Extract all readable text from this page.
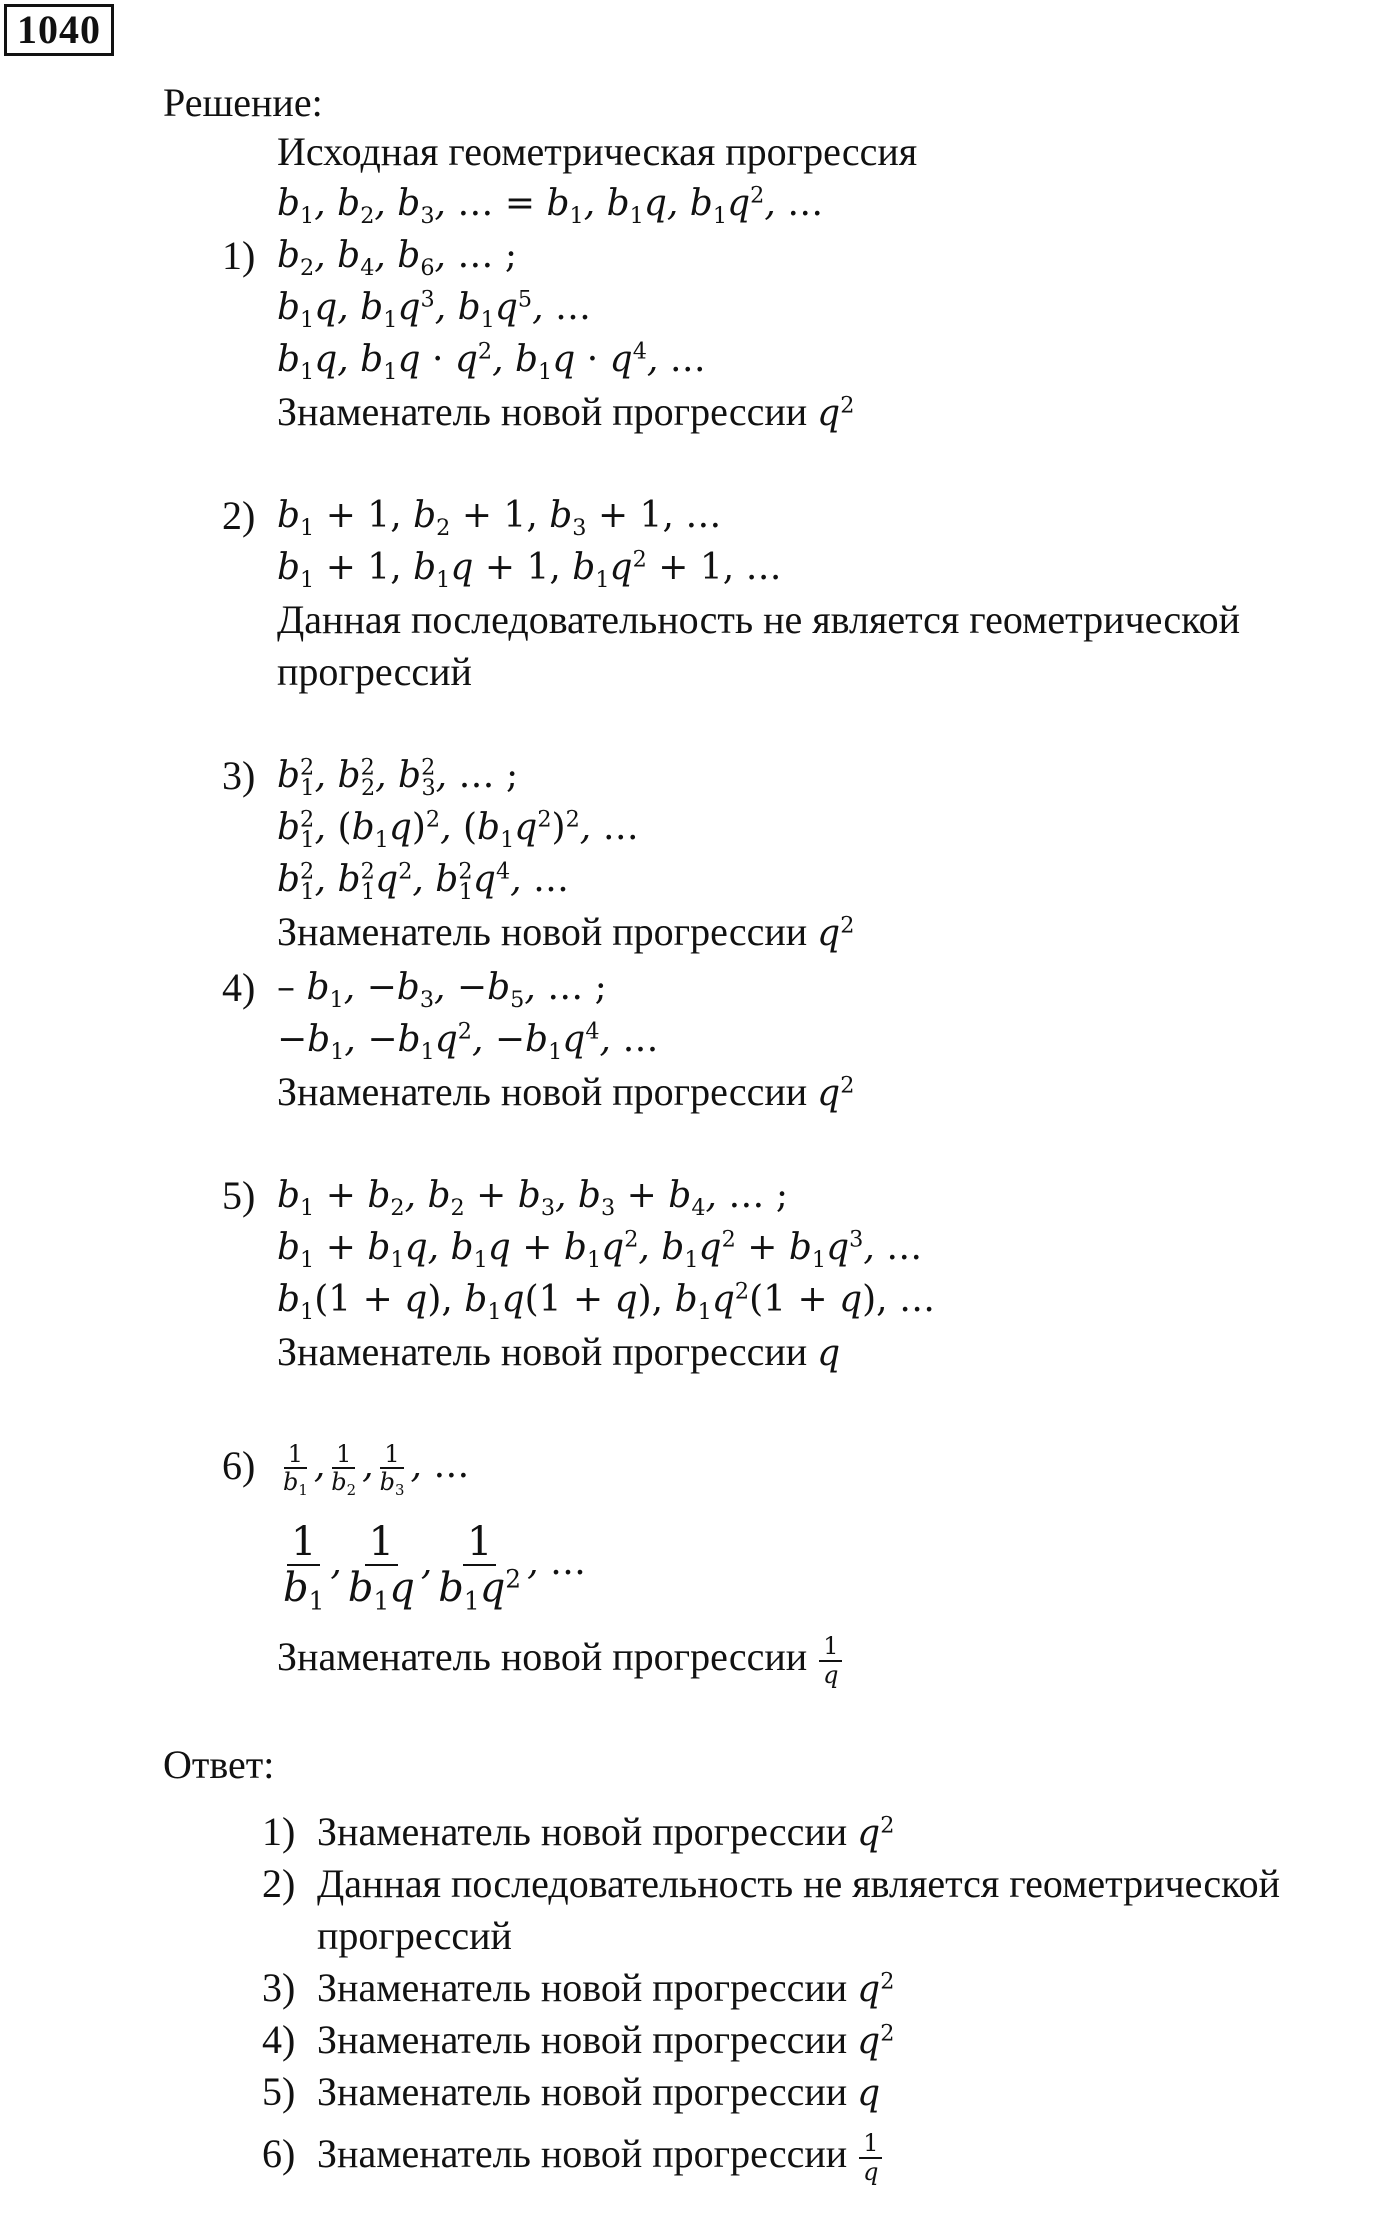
1040
Решение:
Исходная геометрическая прогрессия
$b_1$, $b_2$, $b_3$, … = $b_1$, $b_1q$, $b_1q^2$, …
1) $b_2$, $b_4$, $b_6$, … ;
$b_1q$, $b_1q^3$, $b_1q^5$, …
$b_1q$, $b_1q \cdot q^2$, $b_1q \cdot q^4$, …
Знаменатель новой прогрессии $q^2$
2) $b_1 + 1$, $b_2 + 1$, $b_3 + 1$, …
$b_1 + 1$, $b_1q + 1$, $b_1q^2 + 1$, …
Данная последовательность не является геометрической
прогрессий
3) $b^2_1$, $b^2_2$, $b^2_3$, … ;
$b^2_1$, $(b_1q)^2$, $(b_1q^2)^2$, …
$b^2_1$, $b^2_1q^2$, $b^2_1q^4$, …
Знаменатель новой прогрессии $q^2$
$4) - b_1$, $-b_3$, $-b_5$, … ;
$-b_1$, $-b_1q^2$, $-b_1q^4$, …
Знаменатель новой прогрессии $q^2$
5) $b_1 + b_2$, $b_2 + b_3$, $b_3 + b_4$, … ;
$b_1 + b_1q$, $b_1q + b_1q^2$, $b_1q^2 + b_1q^3$, …
$b_1(1 + q)$, $b_1q(1 + q)$, $b_1q^2(1 + q)$, …
Знаменатель новой прогрессии q
$6) \frac{1}{b_1}$ , $\frac{1}{b_2}$ , $\frac{1}{b_3}$ , …
$\frac{1}{b_1}$ , $\frac{1}{b_1q}$ , $\frac{1}{b_1q^2}$ , …
Знаменатель новой прогрессии $\frac{1}{q}$
Ответ:
1) Знаменатель новой прогрессии $q^2$
2) Данная последовательность не является геометрической
прогрессий
3) Знаменатель новой прогрессии $q^2$
4) Знаменатель новой прогрессии $q^2$
5) Знаменатель новой прогрессии q
6) Знаменатель новой прогрессии $\frac{1}{q}$
